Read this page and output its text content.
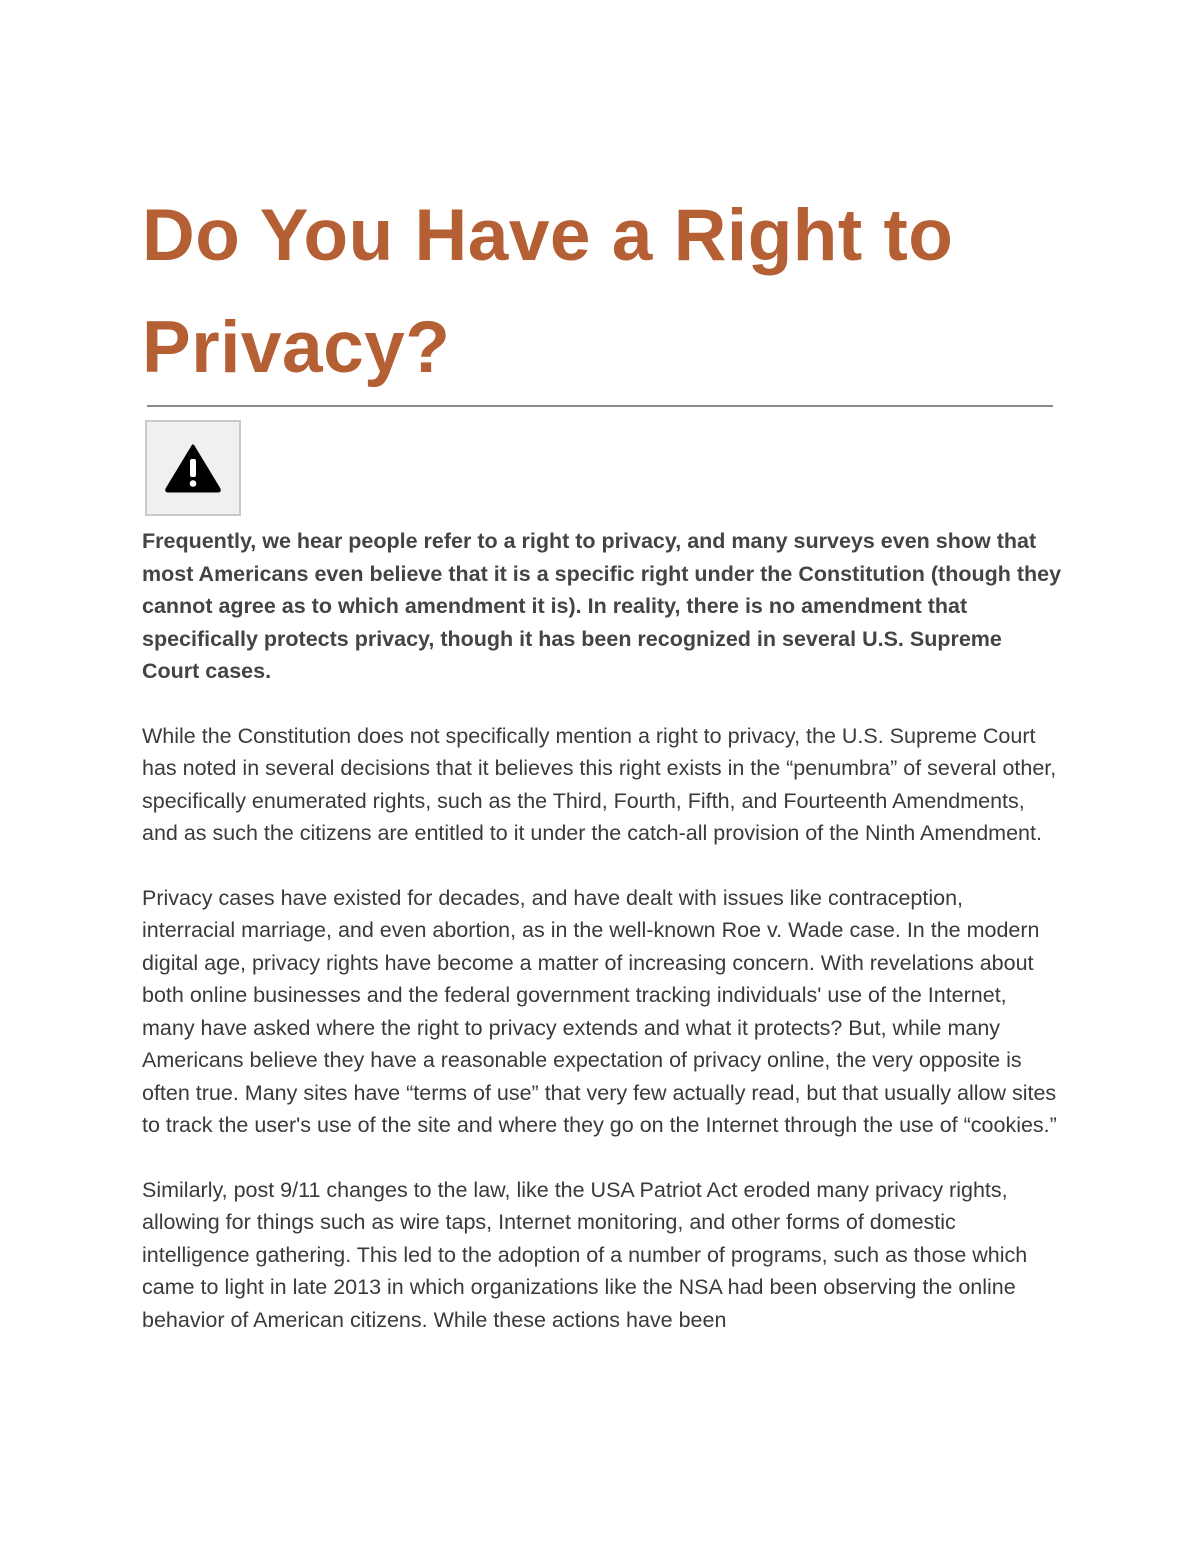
Do You Have a Right to
Privacy?

Frequently, we hear people refer to a right to privacy, and many surveys even show that most Americans even believe that it is a specific right under the Constitution (though they cannot agree as to which amendment it is). In reality, there is no amendment that specifically protects privacy, though it has been recognized in several U.S. Supreme Court cases.

While the Constitution does not specifically mention a right to privacy, the U.S. Supreme Court has noted in several decisions that it believes this right exists in the “penumbra” of several other, specifically enumerated rights, such as the Third, Fourth, Fifth, and Fourteenth Amendments, and as such the citizens are entitled to it under the catch-all provision of the Ninth Amendment.

Privacy cases have existed for decades, and have dealt with issues like contraception, interracial marriage, and even abortion, as in the well-known Roe v. Wade case. In the modern digital age, privacy rights have become a matter of increasing concern. With revelations about both online businesses and the federal government tracking individuals' use of the Internet, many have asked where the right to privacy extends and what it protects? But, while many Americans believe they have a reasonable expectation of privacy online, the very opposite is often true. Many sites have “terms of use” that very few actually read, but that usually allow sites to track the user's use of the site and where they go on the Internet through the use of “cookies.”

Similarly, post 9/11 changes to the law, like the USA Patriot Act eroded many privacy rights, allowing for things such as wire taps, Internet monitoring, and other forms of domestic intelligence gathering. This led to the adoption of a number of programs, such as those which came to light in late 2013 in which organizations like the NSA had been observing the online behavior of American citizens. While these actions have been
